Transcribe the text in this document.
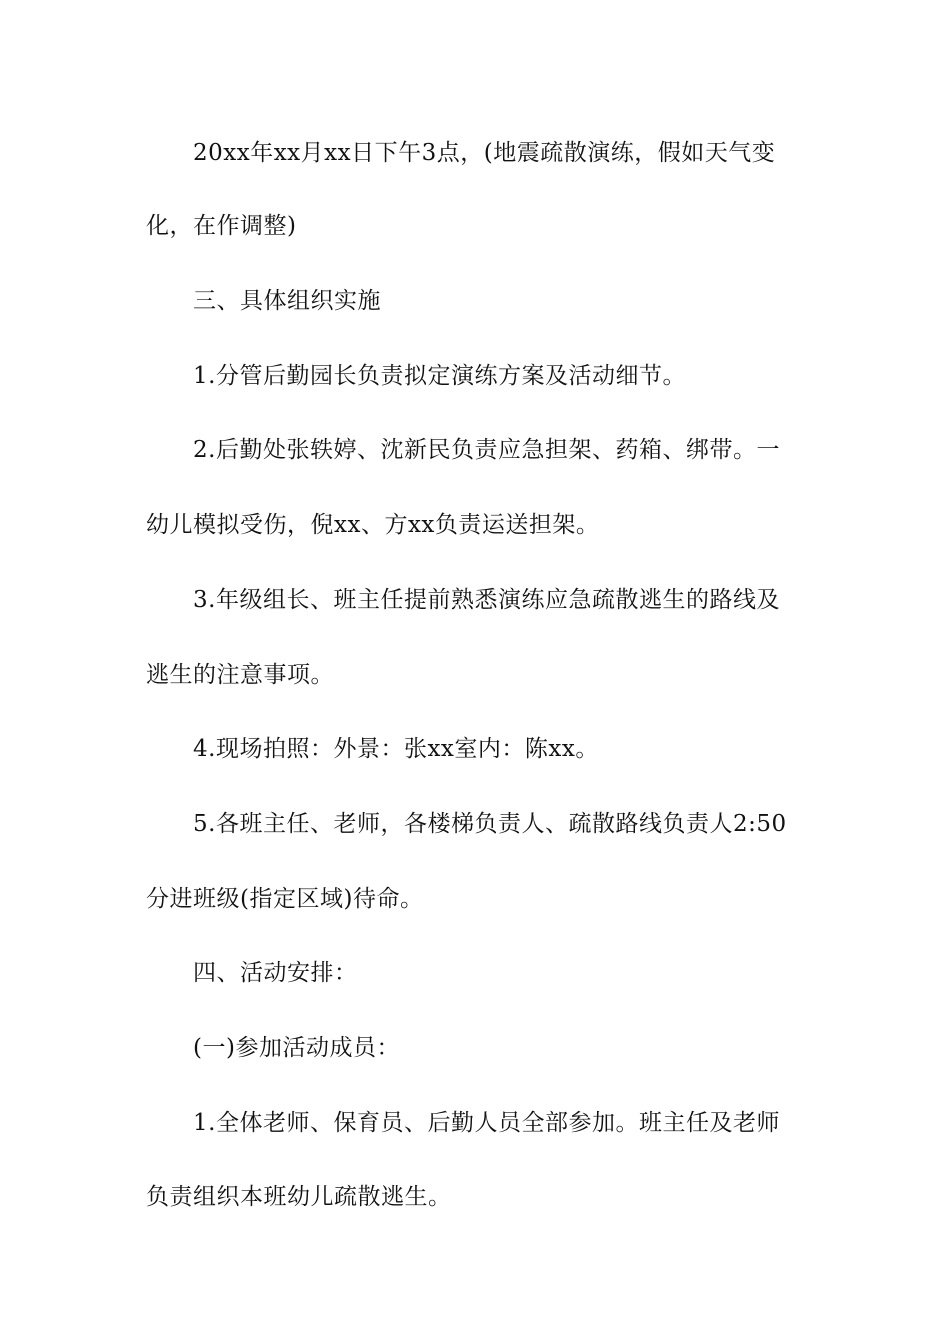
20xx年xx月xx日下午3点，(地震疏散演练，假如天气变
化，在作调整)
三、具体组织实施
1.分管后勤园长负责拟定演练方案及活动细节。
2.后勤处张轶婷、沈新民负责应急担架、药箱、绑带。一
幼儿模拟受伤，倪xx、方xx负责运送担架。
3.年级组长、班主任提前熟悉演练应急疏散逃生的路线及
逃生的注意事项。
4.现场拍照：外景：张xx室内：陈xx。
5.各班主任、老师，各楼梯负责人、疏散路线负责人2:50
分进班级(指定区域)待命。
四、活动安排：
(一)参加活动成员：
1.全体老师、保育员、后勤人员全部参加。班主任及老师
负责组织本班幼儿疏散逃生。
